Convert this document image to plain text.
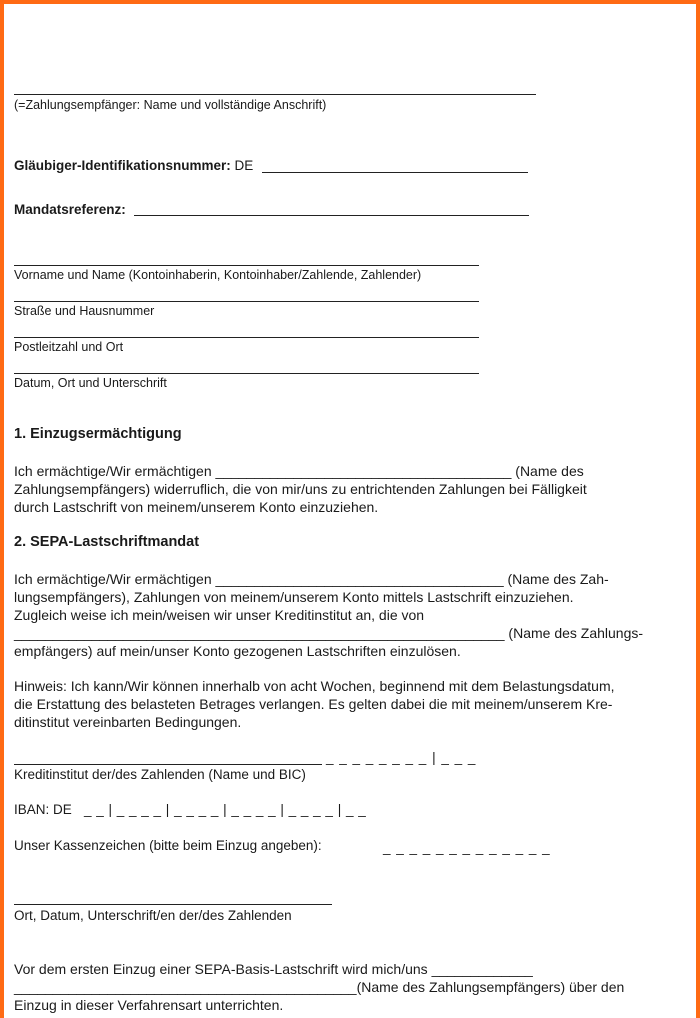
(=Zahlungsempfänger: Name und vollständige Anschrift)
Gläubiger-Identifikationsnummer: DE
Mandatsreferenz:
Vorname und Name (Kontoinhaberin, Kontoinhaber/Zahlende, Zahlender)
Straße und Hausnummer
Postleitzahl und Ort
Datum, Ort und Unterschrift
1. Einzugsermächtigung
Ich ermächtige/Wir ermächtigen ______________________________________ (Name des
Zahlungsempfängers) widerruflich, die von mir/uns zu entrichtenden Zahlungen bei Fälligkeit
durch Lastschrift von meinem/unserem Konto einzuziehen.
2. SEPA-Lastschriftmandat
Ich ermächtige/Wir ermächtigen _____________________________________ (Name des Zah-
lungsempfängers), Zahlungen von meinem/unserem Konto mittels Lastschrift einzuziehen.
Zugleich weise ich mein/weisen wir unser Kreditinstitut an, die von
_______________________________________________________________ (Name des Zahlungs-
empfängers) auf mein/unser Konto gezogenen Lastschriften einzulösen.
Hinweis: Ich kann/Wir können innerhalb von acht Wochen, beginnend mit dem Belastungsdatum,
die Erstattung des belasteten Betrages verlangen. Es gelten dabei die mit meinem/unserem Kre-
ditinstitut vereinbarten Bedingungen.
_ _ _ _ _ _ _ _ | _ _ _
Kreditinstitut der/des Zahlenden (Name und BIC)
IBAN: DE _ _ | _ _ _ _ | _ _ _ _ | _ _ _ _ | _ _ _ _ | _ _
Unser Kassenzeichen (bitte beim Einzug angeben):	_ _ _ _ _ _ _ _ _ _ _ _ _
Ort, Datum, Unterschrift/en der/des Zahlenden
Vor dem ersten Einzug einer SEPA-Basis-Lastschrift wird mich/uns _____________
____________________________________________(Name des Zahlungsempfängers) über den
Einzug in dieser Verfahrensart unterrichten.
